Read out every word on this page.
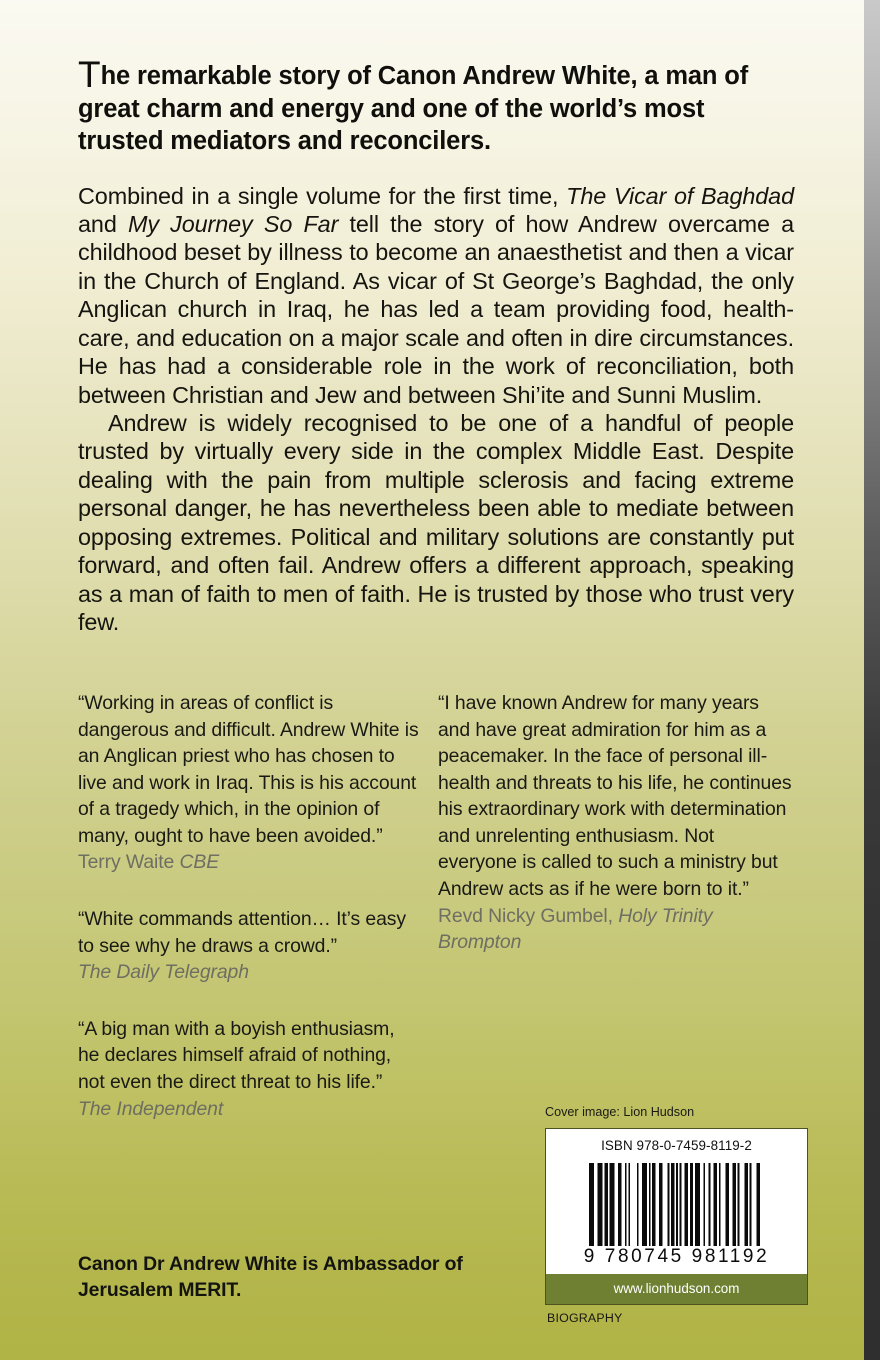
The remarkable story of Canon Andrew White, a man of great charm and energy and one of the world’s most trusted mediators and reconcilers.

Combined in a single volume for the first time, The Vicar of Baghdad and My Journey So Far tell the story of how Andrew overcame a childhood beset by illness to become an anaesthetist and then a vicar in the Church of England. As vicar of St George’s Baghdad, the only Anglican church in Iraq, he has led a team providing food, health-care, and education on a major scale and often in dire circumstances. He has had a considerable role in the work of reconciliation, both between Christian and Jew and between Shi’ite and Sunni Muslim.

Andrew is widely recognised to be one of a handful of people trusted by virtually every side in the complex Middle East. Despite dealing with the pain from multiple sclerosis and facing extreme personal danger, he has nevertheless been able to mediate between opposing extremes. Political and military solutions are constantly put forward, and often fail. Andrew offers a different approach, speaking as a man of faith to men of faith. He is trusted by those who trust very few.

“Working in areas of conflict is dangerous and difficult. Andrew White is an Anglican priest who has chosen to live and work in Iraq. This is his account of a tragedy which, in the opinion of many, ought to have been avoided.”

Terry Waite CBE

“White commands attention… It’s easy to see why he draws a crowd.”

The Daily Telegraph

“A big man with a boyish enthusiasm, he declares himself afraid of nothing, not even the direct threat to his life.”

The Independent

“I have known Andrew for many years and have great admiration for him as a peacemaker. In the face of personal ill-health and threats to his life, he continues his extraordinary work with determination and unrelenting enthusiasm. Not everyone is called to such a ministry but Andrew acts as if he were born to it.”

Revd Nicky Gumbel, Holy Trinity Brompton

Canon Dr Andrew White is Ambassador of Jerusalem MERIT.

Cover image: Lion Hudson

ISBN 978-0-7459-8119-2

9 780745 981192

www.lionhudson.com

BIOGRAPHY
